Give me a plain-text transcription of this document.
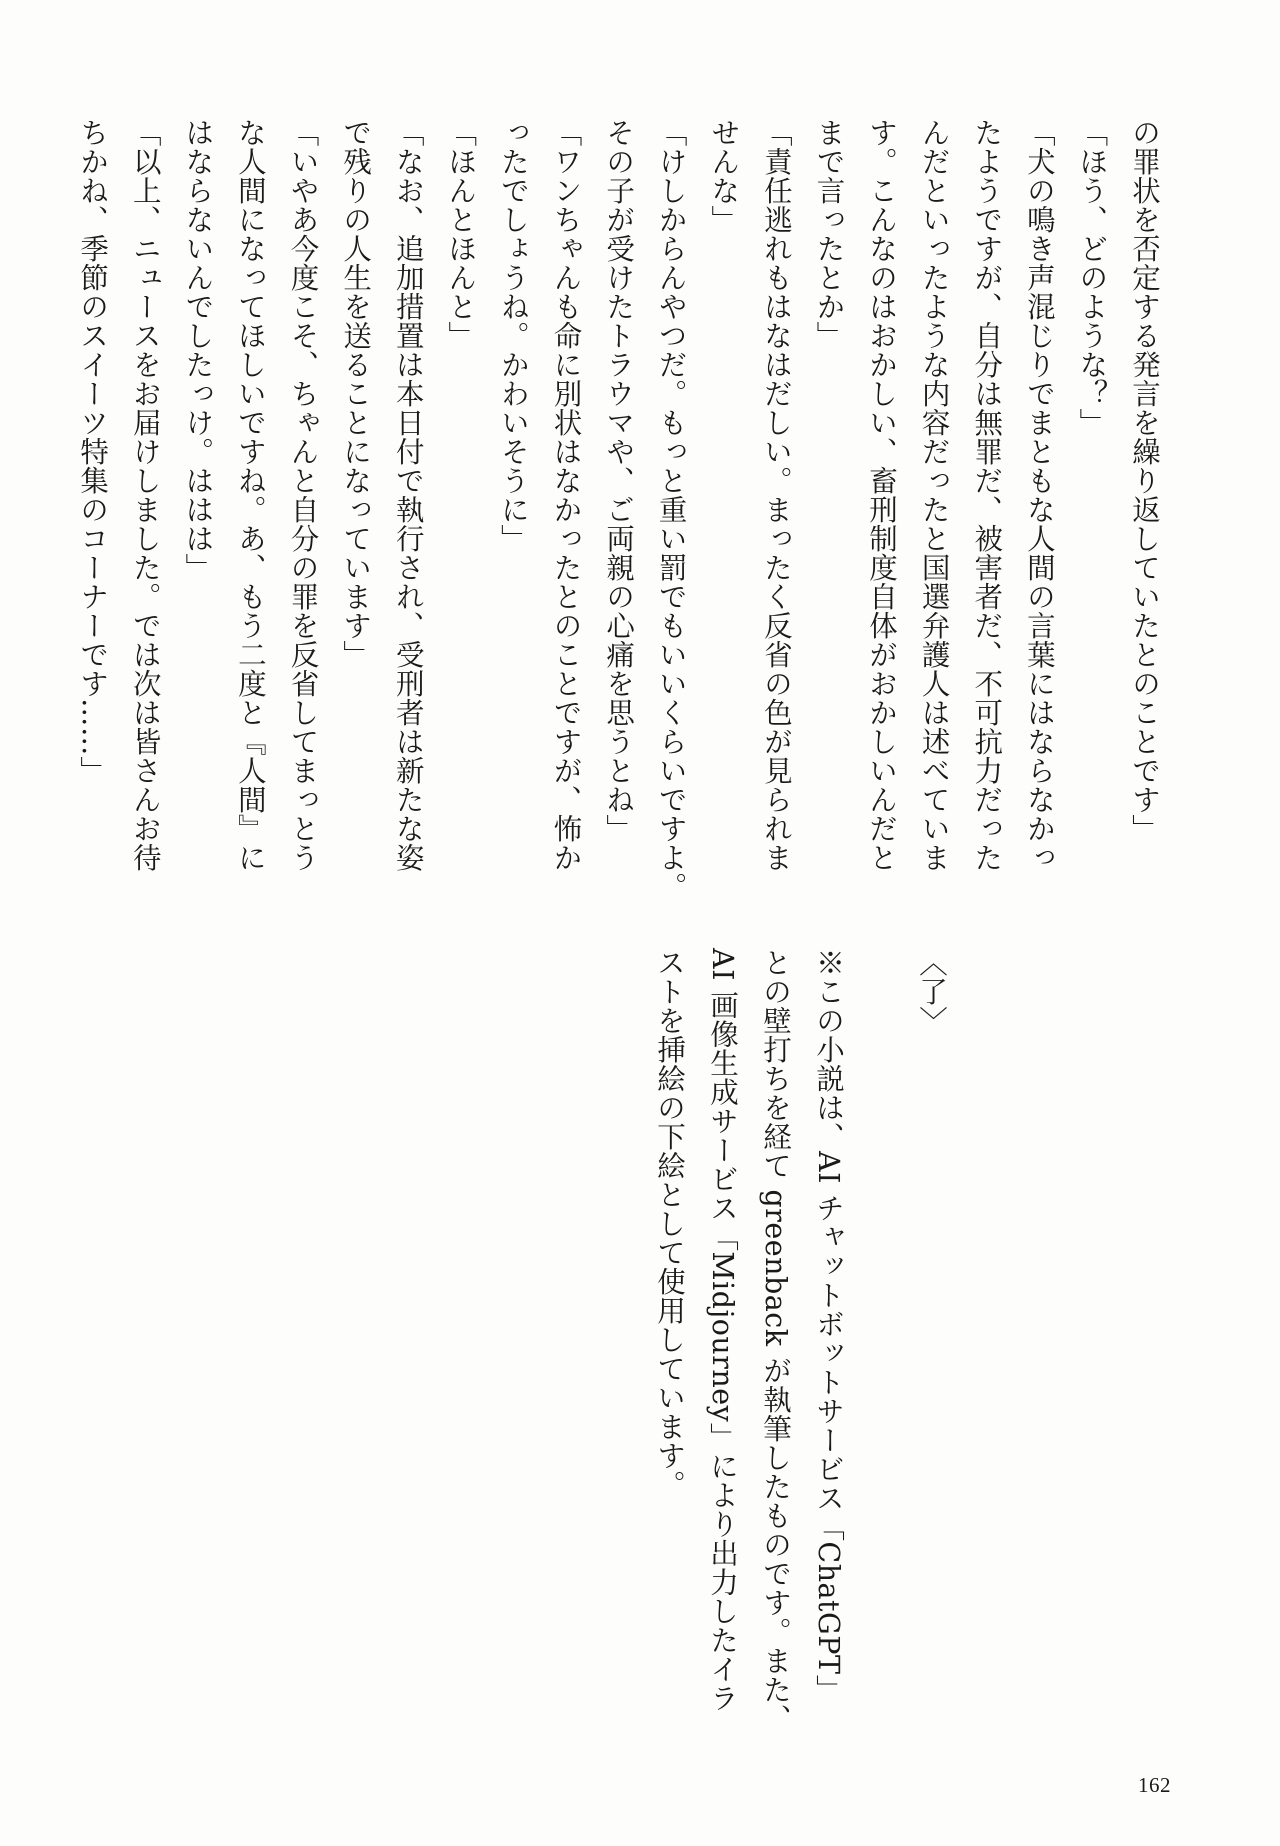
の罪状を否定する発言を繰り返していたとのことです」

「ほう、どのような？」

「犬の鳴き声混じりでまともな人間の言葉にはならなかっ

たようですが、自分は無罪だ、被害者だ、不可抗力だった

んだといったような内容だったと国選弁護人は述べていま

す。こんなのはおかしい、畜刑制度自体がおかしいんだと

まで言ったとか」

「責任逃れもはなはだしい。まったく反省の色が見られま

せんな」

「けしからんやつだ。もっと重い罰でもいいくらいですよ。

その子が受けたトラウマや、ご両親の心痛を思うとね」

「ワンちゃんも命に別状はなかったとのことですが、怖か

ったでしょうね。かわいそうに」

「ほんとほんと」

「なお、追加措置は本日付で執行され、受刑者は新たな姿

で残りの人生を送ることになっています」

「いやあ今度こそ、ちゃんと自分の罪を反省してまっとう

な人間になってほしいですね。あ、もう二度と『人間』に

はならないんでしたっけ。ははは」

「以上、ニュースをお届けしました。では次は皆さんお待

ちかね、季節のスイーツ特集のコーナーです……」

〈了〉

※この小説は、AI チャットボットサービス「ChatGPT」

との壁打ちを経て greenback が執筆したものです。また、

AI 画像生成サービス「Midjourney」により出力したイラ

ストを挿絵の下絵として使用しています。

162
